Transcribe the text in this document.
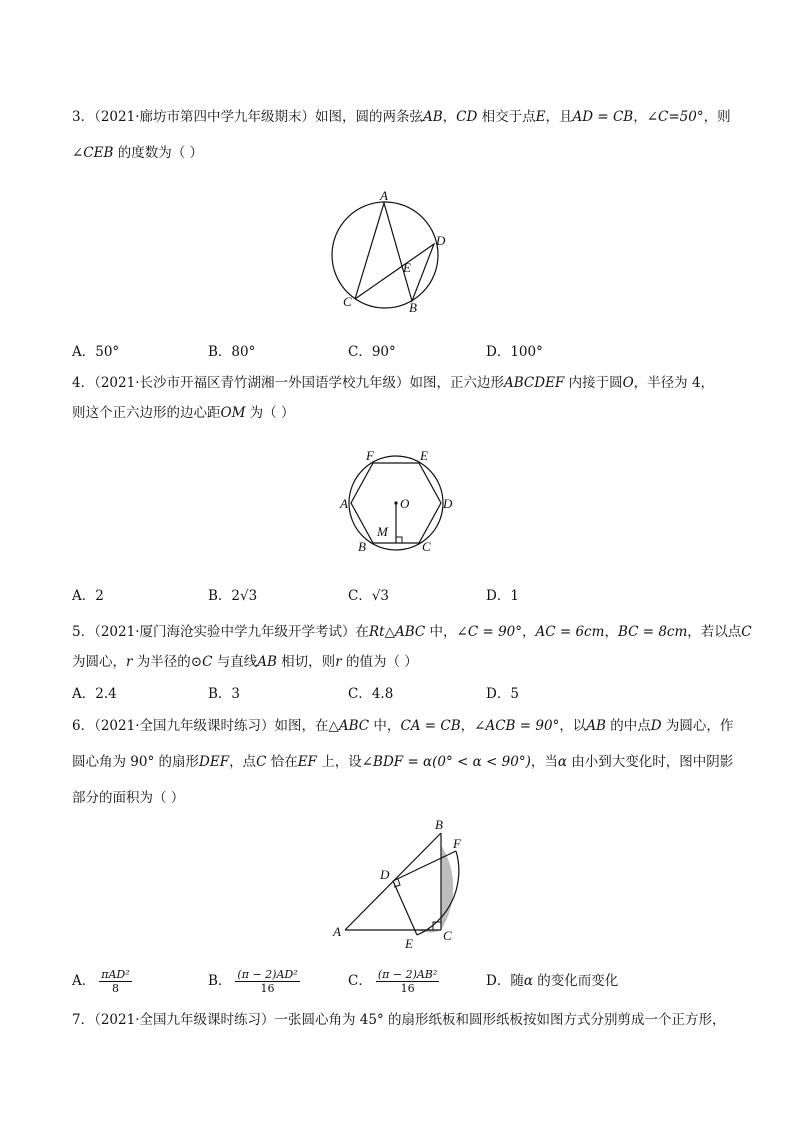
3．（2021·廊坊市第四中学九年级期末）如图，圆的两条弦AB，CD 相交于点E，且AD = CB，∠C=50°，则
∠CEB 的度数为（ ）
A
D
E
C	B
A．50°	B．80°	C．90°	D．100°
4．（2021·长沙市开福区青竹湖湘一外国语学校九年级）如图，正六边形ABCDEF 内接于圆O，半径为 4，
则这个正六边形的边心距OM 为（ ）
F	E
A	O	D
M
B	C
A．2	B．2√3	C．√3	D．1
5．（2021·厦门海沧实验中学九年级开学考试）在Rt△ABC 中，∠C = 90°，AC = 6cm，BC = 8cm，若以点C
为圆心，r 为半径的⊙C 与直线AB 相切，则r 的值为（ ）
A．2.4	B．3	C．4.8	D．5
6．（2021·全国九年级课时练习）如图，在△ABC 中，CA = CB，∠ACB = 90°，以AB 的中点D 为圆心，作
圆心角为 90° 的扇形DEF，点C 恰在EF 上，设∠BDF = α(0° < α < 90°)，当α 由小到大变化时，图中阴影
部分的面积为（ ）
B
F
D
A
E
C
A． $\frac{\text{πAD²}}{8}$	B． $\frac{\text{(π − 2)AD²}}{16}$	C． $\frac{\text{(π − 2)AB²}}{16}$	D．随α 的变化而变化
7．（2021·全国九年级课时练习）一张圆心角为 45° 的扇形纸板和圆形纸板按如图方式分别剪成一个正方形，
